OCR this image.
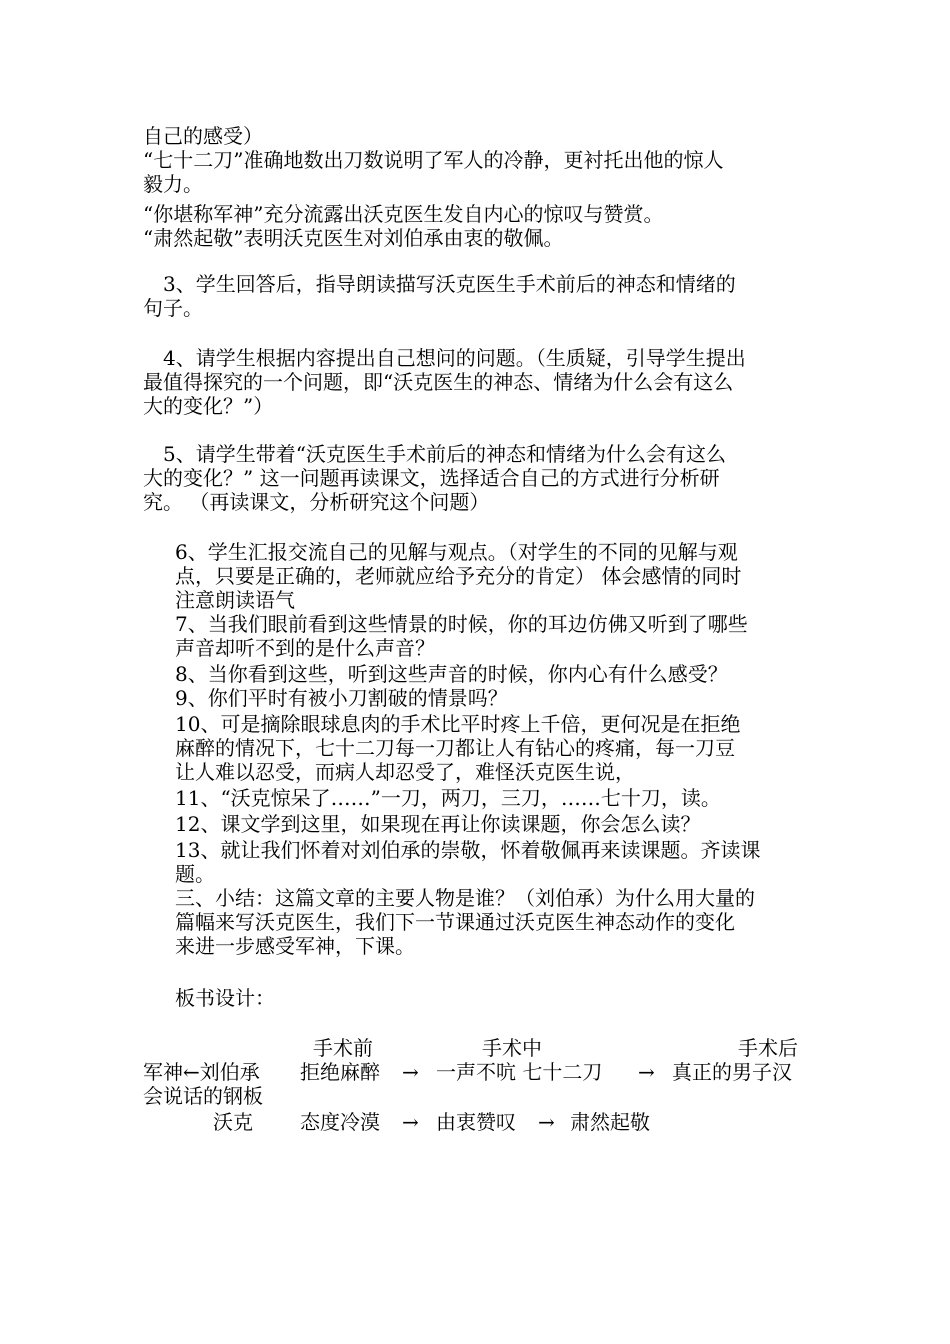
自己的感受）
“七十二刀”准确地数出刀数说明了军人的冷静，更衬托出他的惊人
毅力。
“你堪称军神”充分流露出沃克医生发自内心的惊叹与赞赏。
“肃然起敬”表明沃克医生对刘伯承由衷的敬佩。
3、学生回答后，指导朗读描写沃克医生手术前后的神态和情绪的
句子。
4、请学生根据内容提出自己想问的问题。（生质疑，引导学生提出
最值得探究的一个问题，即“沃克医生的神态、情绪为什么会有这么
大的变化？”）
5、请学生带着“沃克医生手术前后的神态和情绪为什么会有这么
大的变化？” 这一问题再读课文，选择适合自己的方式进行分析研
究。 （再读课文，分析研究这个问题）
6、学生汇报交流自己的见解与观点。（对学生的不同的见解与观
点，只要是正确的，老师就应给予充分的肯定） 体会感情的同时
注意朗读语气
7、当我们眼前看到这些情景的时候，你的耳边仿佛又听到了哪些
声音却听不到的是什么声音？
8、当你看到这些，听到这些声音的时候，你内心有什么感受？
9、你们平时有被小刀割破的情景吗？
10、可是摘除眼球息肉的手术比平时疼上千倍，更何况是在拒绝
麻醉的情况下，七十二刀每一刀都让人有钻心的疼痛，每一刀豆
让人难以忍受，而病人却忍受了，难怪沃克医生说，
11、“沃克惊呆了……”一刀，两刀，三刀，……七十刀，读。
12、课文学到这里，如果现在再让你读课题，你会怎么读？
13、就让我们怀着对刘伯承的崇敬，怀着敬佩再来读课题。齐读课
题。
三、小结：这篇文章的主要人物是谁？（刘伯承）为什么用大量的
篇幅来写沃克医生，我们下一节课通过沃克医生神态动作的变化
来进一步感受军神，下课。
板书设计：
手术前	手术中	手术后
军神←刘伯承 拒绝麻醉 → 一声不吭 七十二刀 → 真正的男子汉
会说话的钢板
沃克 态度冷漠 → 由衷赞叹 → 肃然起敬
